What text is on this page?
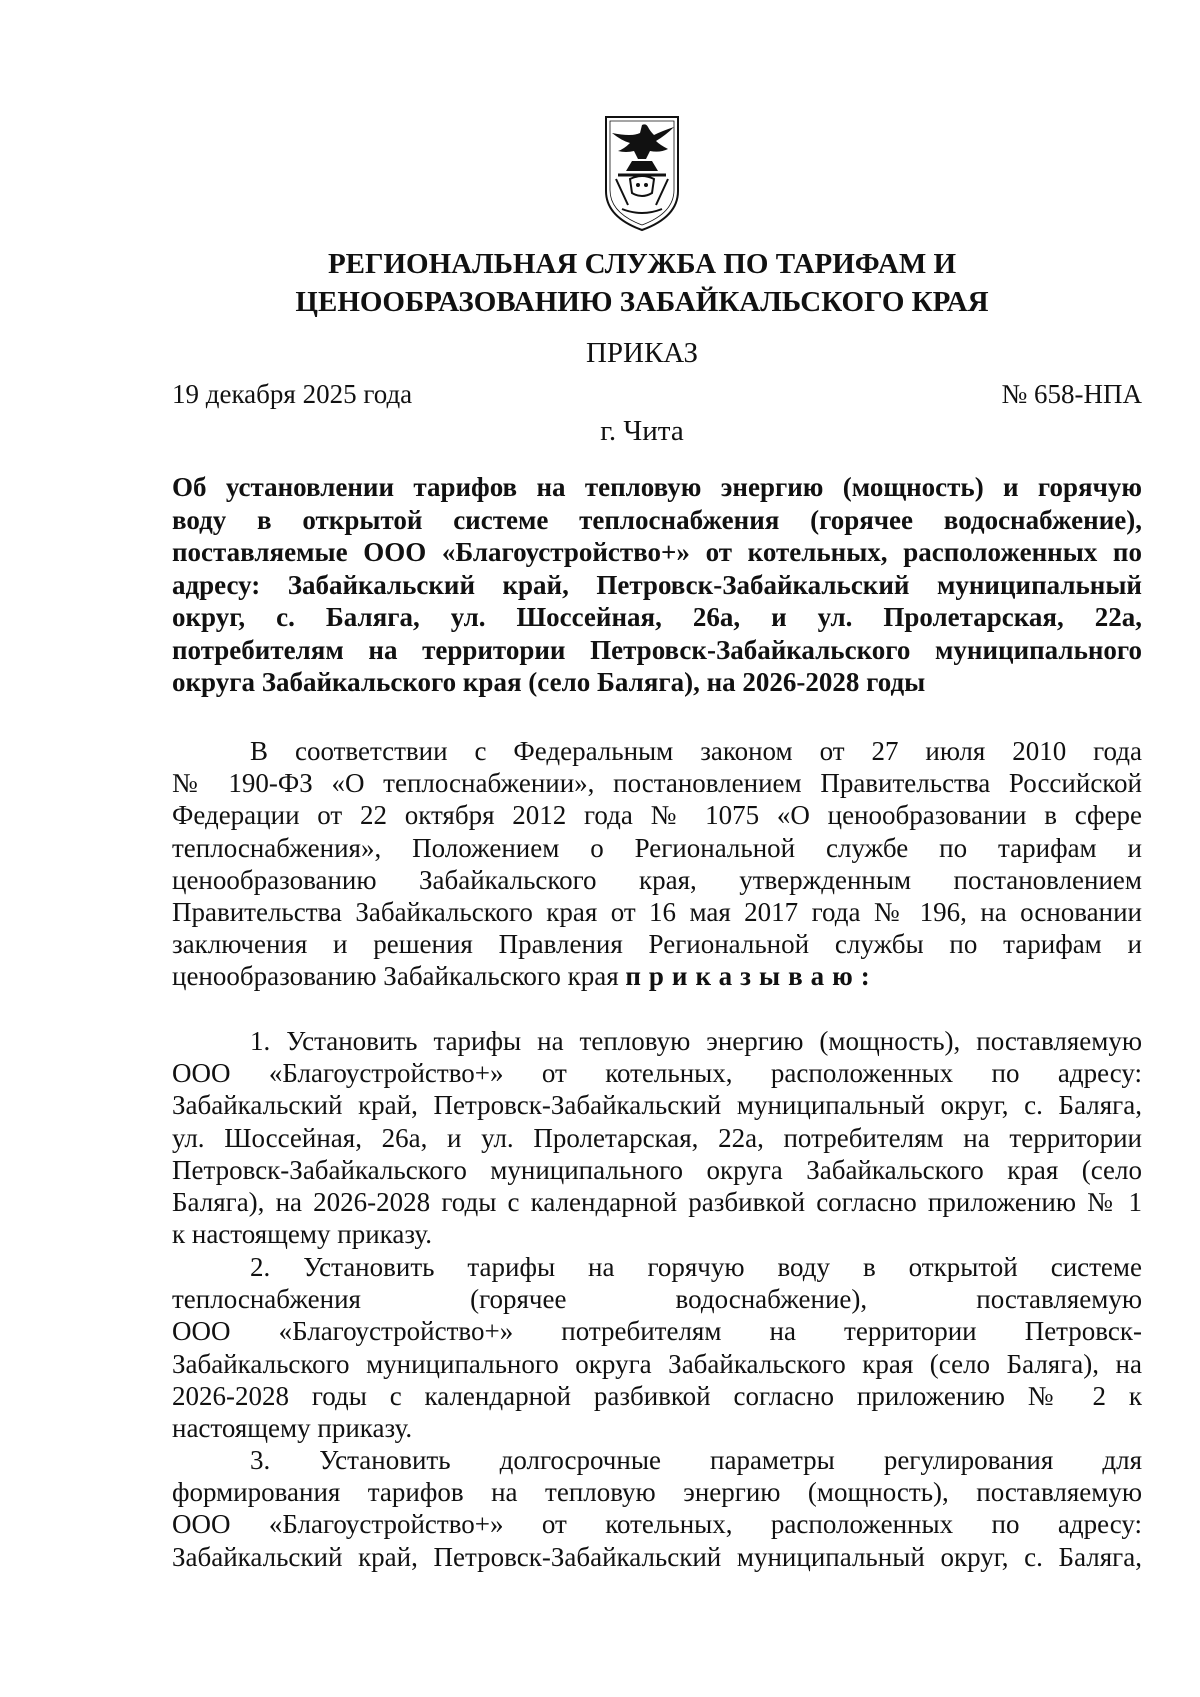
РЕГИОНАЛЬНАЯ СЛУЖБА ПО ТАРИФАМ И
ЦЕНООБРАЗОВАНИЮ ЗАБАЙКАЛЬСКОГО КРАЯ
ПРИКАЗ
19 декабря 2025 года	№ 658-НПА
г. Чита
Об установлении тарифов на тепловую энергию (мощность) и горячую
воду в открытой системе теплоснабжения (горячее водоснабжение),
поставляемые ООО «Благоустройство+» от котельных, расположенных по
адресу: Забайкальский край, Петровск-Забайкальский муниципальный
округ, с. Баляга, ул. Шоссейная, 26а, и ул. Пролетарская, 22а,
потребителям на территории Петровск-Забайкальского муниципального
округа Забайкальского края (село Баляга), на 2026-2028 годы

В соответствии с Федеральным законом от 27 июля 2010 года
№ 190-ФЗ «О теплоснабжении», постановлением Правительства Российской
Федерации от 22 октября 2012 года № 1075 «О ценообразовании в сфере
теплоснабжения», Положением о Региональной службе по тарифам и
ценообразованию Забайкальского края, утвержденным постановлением
Правительства Забайкальского края от 16 мая 2017 года № 196, на основании
заключения и решения Правления Региональной службы по тарифам и
ценообразованию Забайкальского края приказываю:

1. Установить тарифы на тепловую энергию (мощность), поставляемую
ООО «Благоустройство+» от котельных, расположенных по адресу:
Забайкальский край, Петровск-Забайкальский муниципальный округ, с. Баляга,
ул. Шоссейная, 26а, и ул. Пролетарская, 22а, потребителям на территории
Петровск-Забайкальского муниципального округа Забайкальского края (село
Баляга), на 2026-2028 годы с календарной разбивкой согласно приложению № 1
к настоящему приказу.

2. Установить тарифы на горячую воду в открытой системе
теплоснабжения (горячее водоснабжение), поставляемую
ООО «Благоустройство+» потребителям на территории Петровск-
Забайкальского муниципального округа Забайкальского края (село Баляга), на
2026-2028 годы с календарной разбивкой согласно приложению № 2 к
настоящему приказу.

3. Установить долгосрочные параметры регулирования для
формирования тарифов на тепловую энергию (мощность), поставляемую
ООО «Благоустройство+» от котельных, расположенных по адресу:
Забайкальский край, Петровск-Забайкальский муниципальный округ, с. Баляга,
